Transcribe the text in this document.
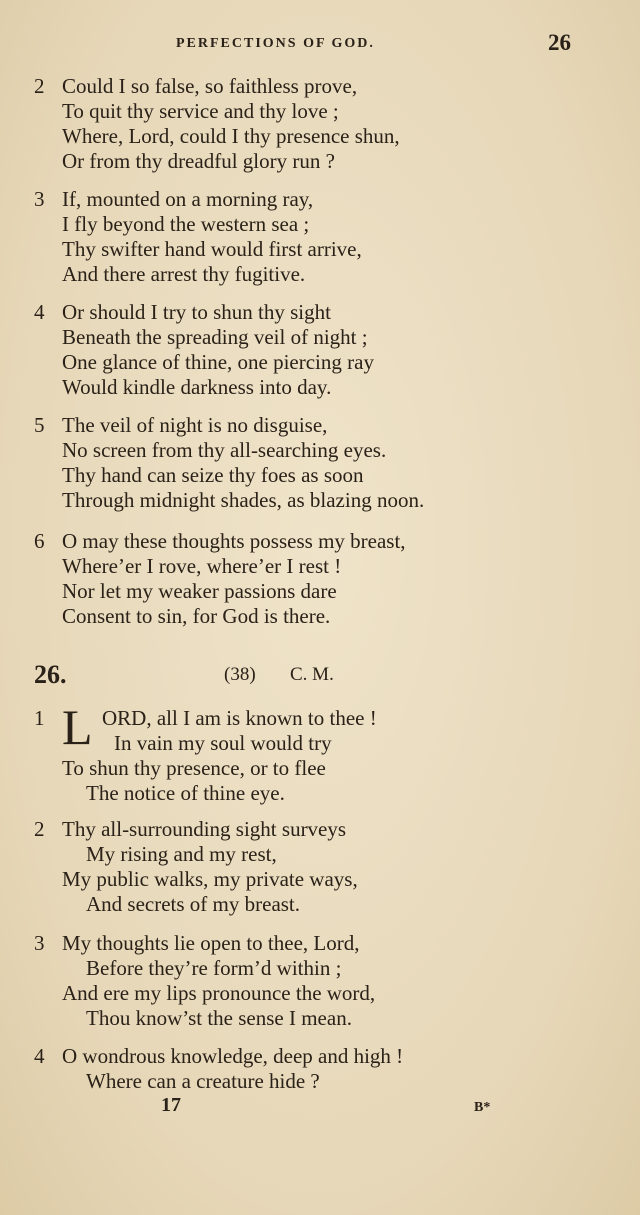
PERFECTIONS OF GOD.	26
2 Could I so false, so faithless prove,
To quit thy service and thy love ;
Where, Lord, could I thy presence shun,
Or from thy dreadful glory run ?
3 If, mounted on a morning ray,
I fly beyond the western sea ;
Thy swifter hand would first arrive,
And there arrest thy fugitive.
4 Or should I try to shun thy sight
Beneath the spreading veil of night ;
One glance of thine, one piercing ray
Would kindle darkness into day.
5 The veil of night is no disguise,
No screen from thy all-searching eyes.
Thy hand can seize thy foes as soon
Through midnight shades, as blazing noon.
6 O may these thoughts possess my breast,
Where’er I rove, where’er I rest !
Nor let my weaker passions dare
Consent to sin, for God is there.
26.	(38) C. M.
1 L ORD, all I am is known to thee !
In vain my soul would try
To shun thy presence, or to flee
The notice of thine eye.
2 Thy all-surrounding sight surveys
My rising and my rest,
My public walks, my private ways,
And secrets of my breast.
3 My thoughts lie open to thee, Lord,
Before they’re form’d within ;
And ere my lips pronounce the word,
Thou know’st the sense I mean.
4 O wondrous knowledge, deep and high !
Where can a creature hide ?
17	B*
